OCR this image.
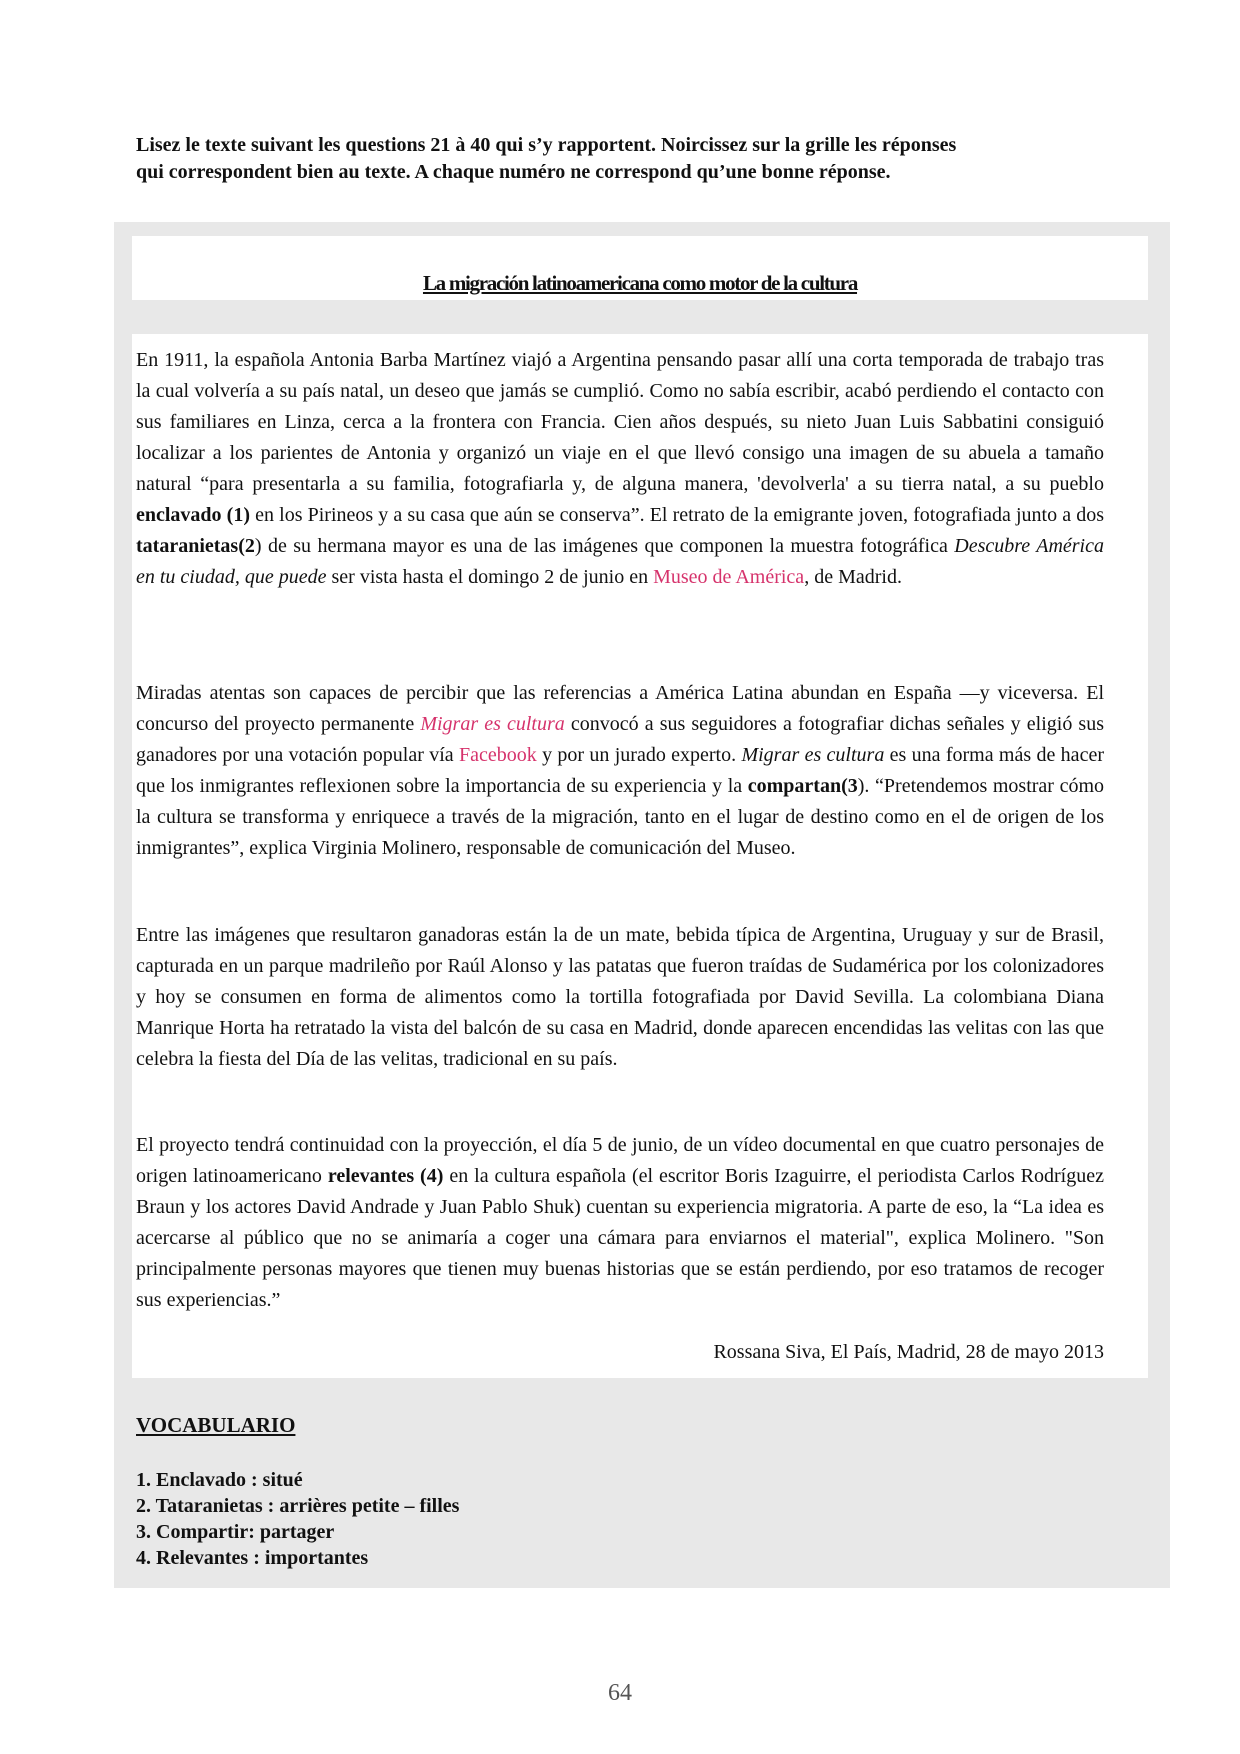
Lisez le texte suivant les questions 21 à 40 qui s’y rapportent. Noircissez sur la grille les réponses
qui correspondent bien au texte. A chaque numéro ne correspond qu’une bonne réponse.
La migración latinoamericana como motor de la cultura

En 1911, la española Antonia Barba Martínez viajó a Argentina pensando pasar allí una corta temporada de trabajo tras la cual volvería a su país natal, un deseo que jamás se cumplió. Como no sabía escribir, acabó perdiendo el contacto con sus familiares en Linza, cerca a la frontera con Francia. Cien años después, su nieto Juan Luis Sabbatini consiguió localizar a los parientes de Antonia y organizó un viaje en el que llevó consigo una imagen de su abuela a tamaño natural “para presentarla a su familia, fotografiarla y, de alguna manera, 'devolverla' a su tierra natal, a su pueblo enclavado (1) en los Pirineos y a su casa que aún se conserva”. El retrato de la emigrante joven, fotografiada junto a dos tataranietas(2) de su hermana mayor es una de las imágenes que componen la muestra fotográfica Descubre América en tu ciudad, que puede ser vista hasta el domingo 2 de junio en Museo de América, de Madrid.

Miradas atentas son capaces de percibir que las referencias a América Latina abundan en España —y viceversa. El concurso del proyecto permanente Migrar es cultura convocó a sus seguidores a fotografiar dichas señales y eligió sus ganadores por una votación popular vía Facebook y por un jurado experto. Migrar es cultura es una forma más de hacer que los inmigrantes reflexionen sobre la importancia de su experiencia y la compartan(3). “Pretendemos mostrar cómo la cultura se transforma y enriquece a través de la migración, tanto en el lugar de destino como en el de origen de los inmigrantes”, explica Virginia Molinero, responsable de comunicación del Museo.

Entre las imágenes que resultaron ganadoras están la de un mate, bebida típica de Argentina, Uruguay y sur de Brasil, capturada en un parque madrileño por Raúl Alonso y las patatas que fueron traídas de Sudamérica por los colonizadores y hoy se consumen en forma de alimentos como la tortilla fotografiada por David Sevilla. La colombiana Diana Manrique Horta ha retratado la vista del balcón de su casa en Madrid, donde aparecen encendidas las velitas con las que celebra la fiesta del Día de las velitas, tradicional en su país.

El proyecto tendrá continuidad con la proyección, el día 5 de junio, de un vídeo documental en que cuatro personajes de origen latinoamericano relevantes (4) en la cultura española (el escritor Boris Izaguirre, el periodista Carlos Rodríguez Braun y los actores David Andrade y Juan Pablo Shuk) cuentan su experiencia migratoria. A parte de eso, la “La idea es acercarse al público que no se animaría a coger una cámara para enviarnos el material", explica Molinero. "Son principalmente personas mayores que tienen muy buenas historias que se están perdiendo, por eso tratamos de recoger sus experiencias.”

Rossana Siva, El País, Madrid, 28 de mayo 2013
VOCABULARIO
1. Enclavado : situé
2. Tataranietas : arrières petite – filles
3. Compartir: partager
4. Relevantes : importantes
64
